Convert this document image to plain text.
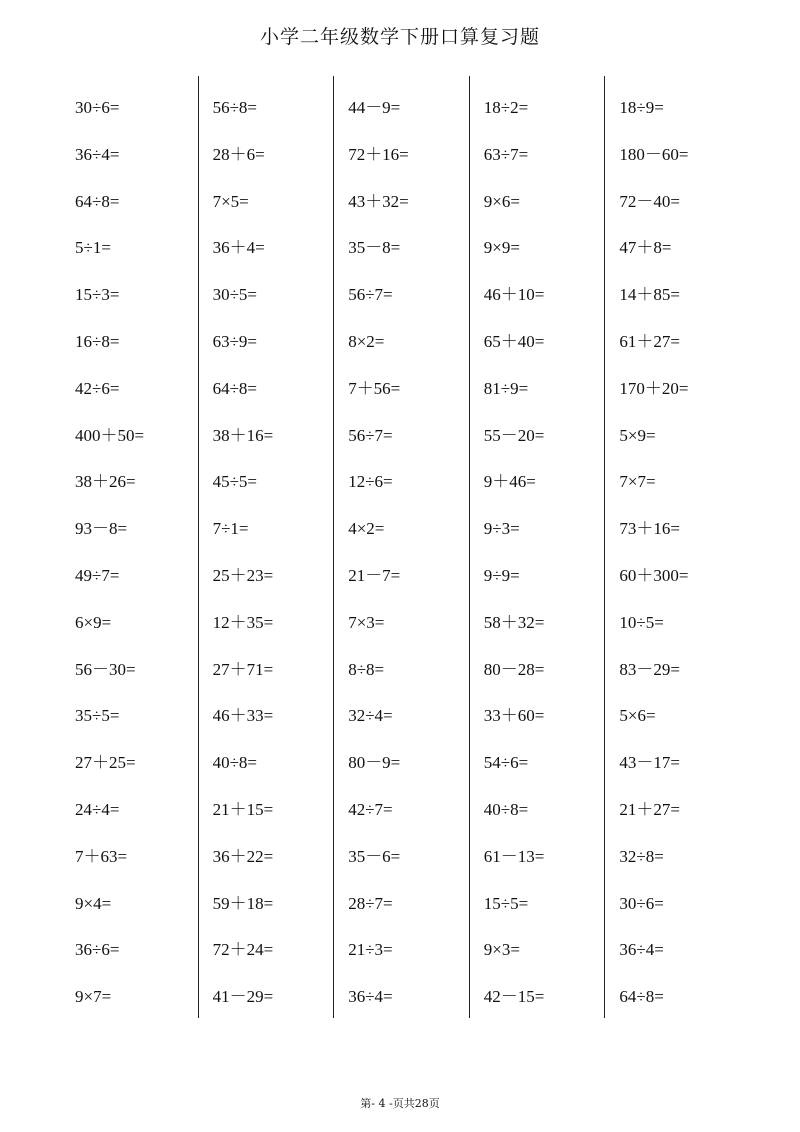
小学二年级数学下册口算复习题
30÷6=
36÷4=
64÷8=
5÷1=
15÷3=
16÷8=
42÷6=
400＋50=
38＋26=
93－8=
49÷7=
6×9=
56－30=
35÷5=
27＋25=
24÷4=
7＋63=
9×4=
36÷6=
9×7=
56÷8=
28＋6=
7×5=
36＋4=
30÷5=
63÷9=
64÷8=
38＋16=
45÷5=
7÷1=
25＋23=
12＋35=
27＋71=
46＋33=
40÷8=
21＋15=
36＋22=
59＋18=
72＋24=
41－29=
44－9=
72＋16=
43＋32=
35－8=
56÷7=
8×2=
7＋56=
56÷7=
12÷6=
4×2=
21－7=
7×3=
8÷8=
32÷4=
80－9=
42÷7=
35－6=
28÷7=
21÷3=
36÷4=
18÷2=
63÷7=
9×6=
9×9=
46＋10=
65＋40=
81÷9=
55－20=
9＋46=
9÷3=
9÷9=
58＋32=
80－28=
33＋60=
54÷6=
40÷8=
61－13=
15÷5=
9×3=
42－15=
18÷9=
180－60=
72－40=
47＋8=
14＋85=
61＋27=
170＋20=
5×9=
7×7=
73＋16=
60＋300=
10÷5=
83－29=
5×6=
43－17=
21＋27=
32÷8=
30÷6=
36÷4=
64÷8=
第- 4 -页共28页
